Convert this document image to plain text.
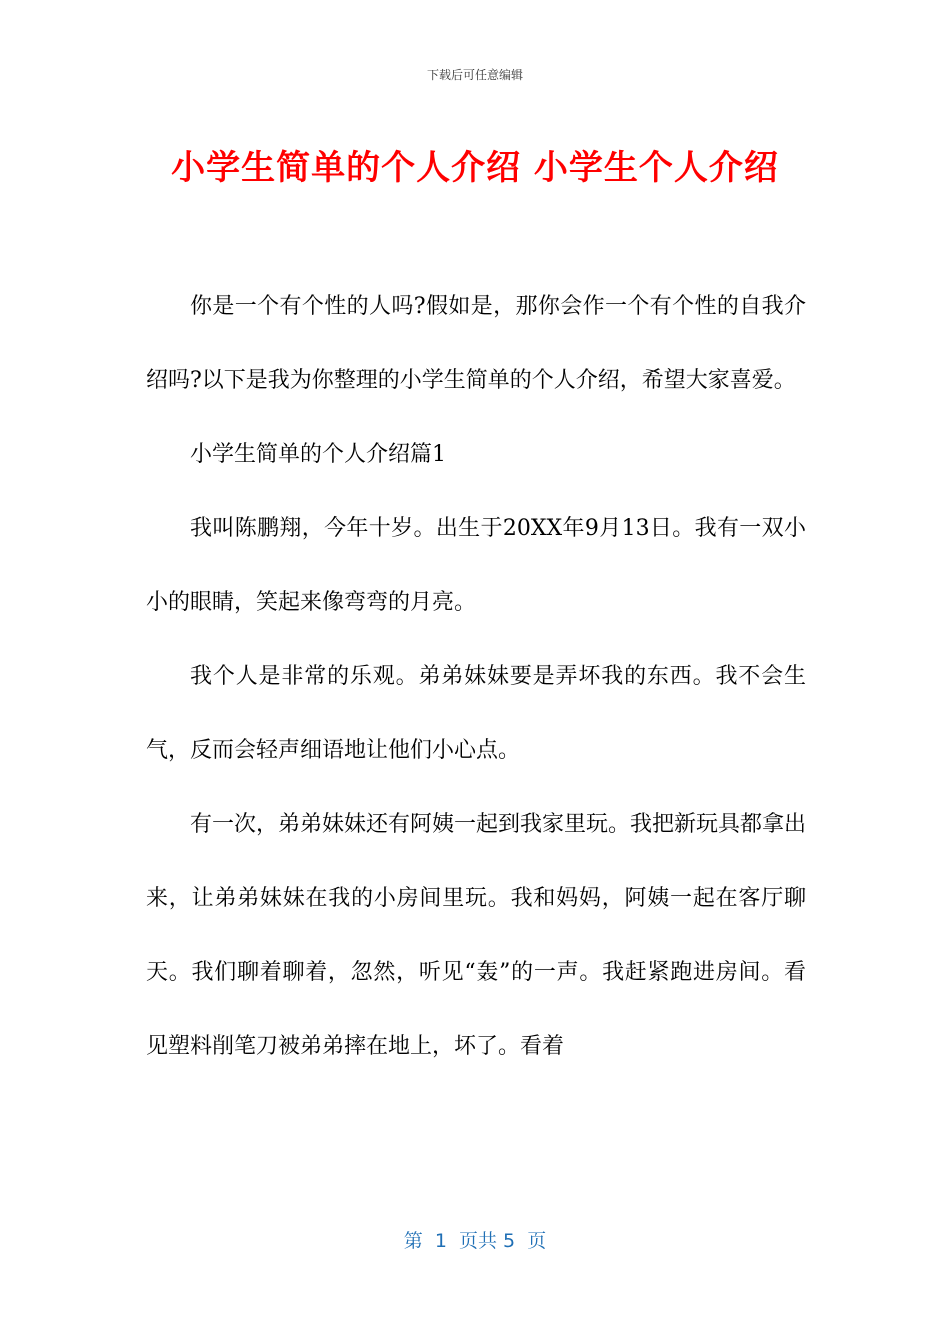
下载后可任意编辑
小学生简单的个人介绍 小学生个人介绍

你是一个有个性的人吗?假如是，那你会作一个有个性的自我介绍吗?以下是我为你整理的小学生简单的个人介绍，希望大家喜爱。

小学生简单的个人介绍篇1

我叫陈鹏翔，今年十岁。出生于20XX年9月13日。我有一双小小的眼睛，笑起来像弯弯的月亮。

我个人是非常的乐观。弟弟妹妹要是弄坏我的东西。我不会生气，反而会轻声细语地让他们小心点。

有一次，弟弟妹妹还有阿姨一起到我家里玩。我把新玩具都拿出来，让弟弟妹妹在我的小房间里玩。我和妈妈，阿姨一起在客厅聊天。我们聊着聊着，忽然，听见“轰”的一声。我赶紧跑进房间。看见塑料削笔刀被弟弟摔在地上，坏了。看着

第  1  页共 5  页
